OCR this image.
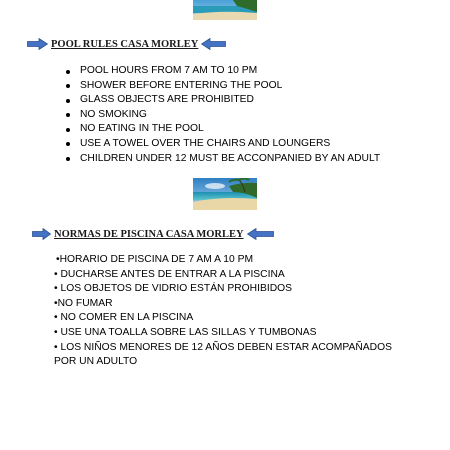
POOL RULES CASA MORLEY
POOL HOURS FROM 7 AM TO 10 PM
SHOWER BEFORE ENTERING THE POOL
GLASS OBJECTS ARE PROHIBITED
NO SMOKING
NO EATING IN THE POOL
USE A TOWEL OVER THE CHAIRS AND LOUNGERS
CHILDREN UNDER 12 MUST BE ACCONPANIED BY AN ADULT
NORMAS DE PISCINA CASA MORLEY
•HORARIO DE PISCINA DE 7 AM A 10 PM
• DUCHARSE ANTES DE ENTRAR A LA PISCINA
• LOS OBJETOS DE VIDRIO ESTÁN PROHIBIDOS
•NO FUMAR
• NO COMER EN LA PISCINA
• USE UNA TOALLA SOBRE LAS SILLAS Y TUMBONAS
• LOS NIÑOS MENORES DE 12 AÑOS DEBEN ESTAR ACOMPAÑADOS
POR UN ADULTO
